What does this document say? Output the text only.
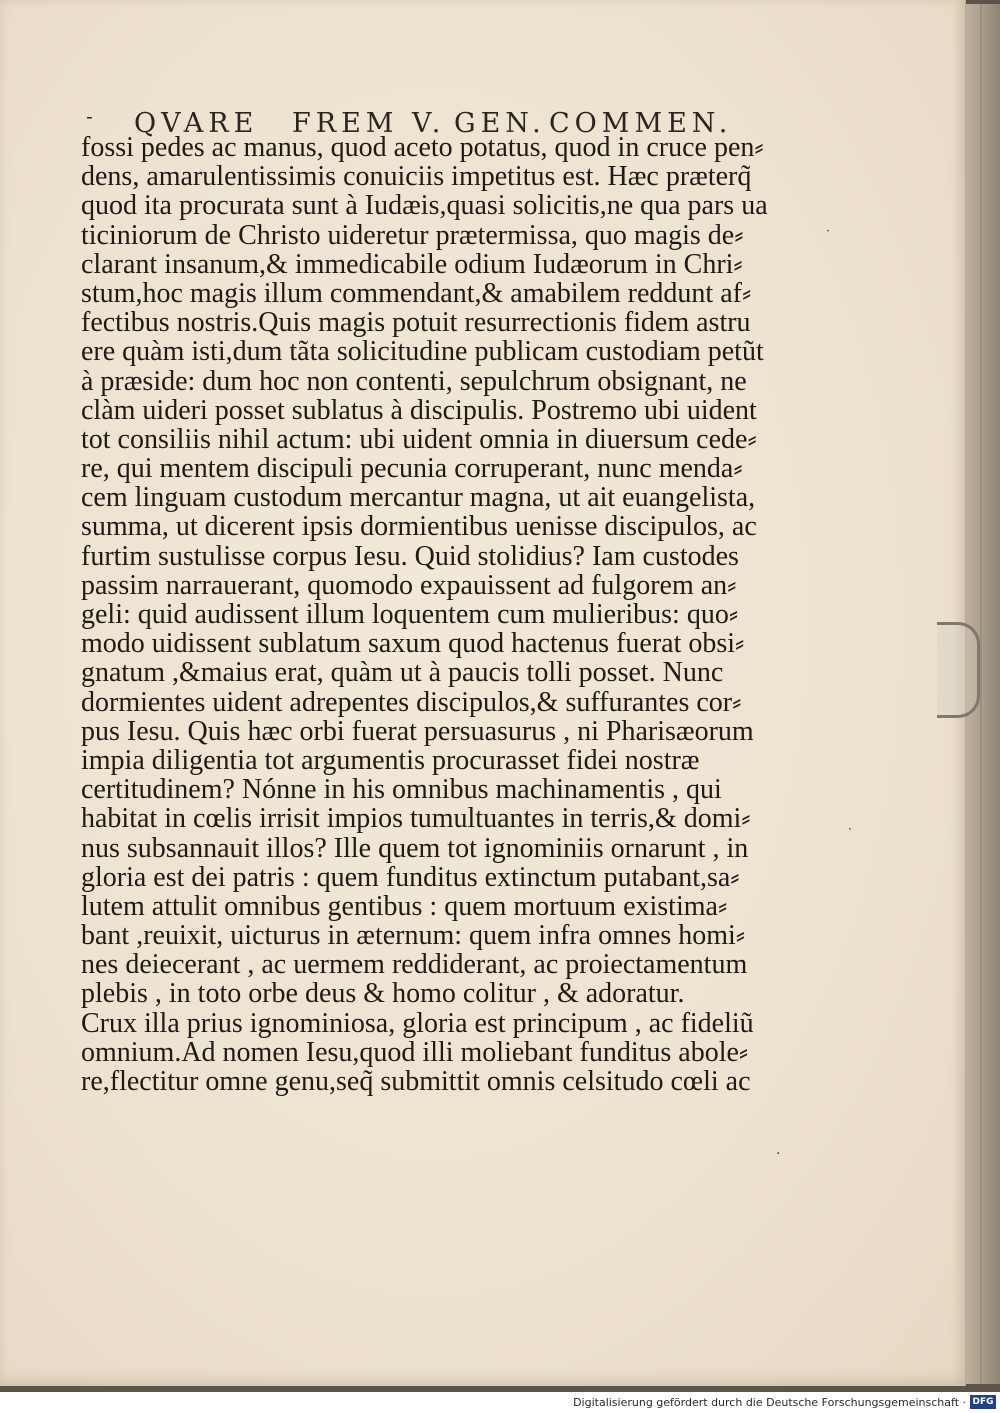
- QVARE FREM V. GEN. COMMEN.
fossi pedes ac manus, quod aceto potatus, quod in cruce pen⸗
dens, amarulentissimis conuiciis impetitus est. Hæc præterq̃
quod ita procurata sunt à Iudæis,quasi solicitis,ne qua pars ua
ticiniorum de Christo uideretur prætermissa, quo magis de⸗
clarant insanum,& immedicabile odium Iudæorum in Chri⸗
stum,hoc magis illum commendant,& amabilem reddunt af⸗
fectibus nostris.Quis magis potuit resurrectionis fidem astru
ere quàm isti,dum tãta solicitudine publicam custodiam petũt
à præside: dum hoc non contenti, sepulchrum obsignant, ne
clàm uideri posset sublatus à discipulis. Postremo ubi uident
tot consiliis nihil actum: ubi uident omnia in diuersum cede⸗
re, qui mentem discipuli pecunia corruperant, nunc menda⸗
cem linguam custodum mercantur magna, ut ait euangelista,
summa, ut dicerent ipsis dormientibus uenisse discipulos, ac
furtim sustulisse corpus Iesu. Quid stolidius? Iam custodes
passim narrauerant, quomodo expauissent ad fulgorem an⸗
geli: quid audissent illum loquentem cum mulieribus: quo⸗
modo uidissent sublatum saxum quod hactenus fuerat obsi⸗
gnatum ,&maius erat, quàm ut à paucis tolli posset. Nunc
dormientes uident adrepentes discipulos,& suffurantes cor⸗
pus Iesu. Quis hæc orbi fuerat persuasurus , ni Pharisæorum
impia diligentia tot argumentis procurasset fidei nostræ
certitudinem? Nónne in his omnibus machinamentis , qui
habitat in cœlis irrisit impios tumultuantes in terris,& domi⸗
nus subsannauit illos? Ille quem tot ignominiis ornarunt , in
gloria est dei patris : quem funditus extinctum putabant,sa⸗
lutem attulit omnibus gentibus : quem mortuum existima⸗
bant ,reuixit, uicturus in æternum: quem infra omnes homi⸗
nes deiecerant , ac uermem reddiderant, ac proiectamentum
plebis , in toto orbe deus & homo colitur , & adoratur.
Crux illa prius ignominiosa, gloria est principum , ac fideliũ
omnium.Ad nomen Iesu,quod illi moliebant funditus abole⸗
re,flectitur omne genu,seq̃ submittit omnis celsitudo cœli ac
·
·
·
Digitalisierung gefördert durch die Deutsche Forschungsgemeinschaft · DFG
